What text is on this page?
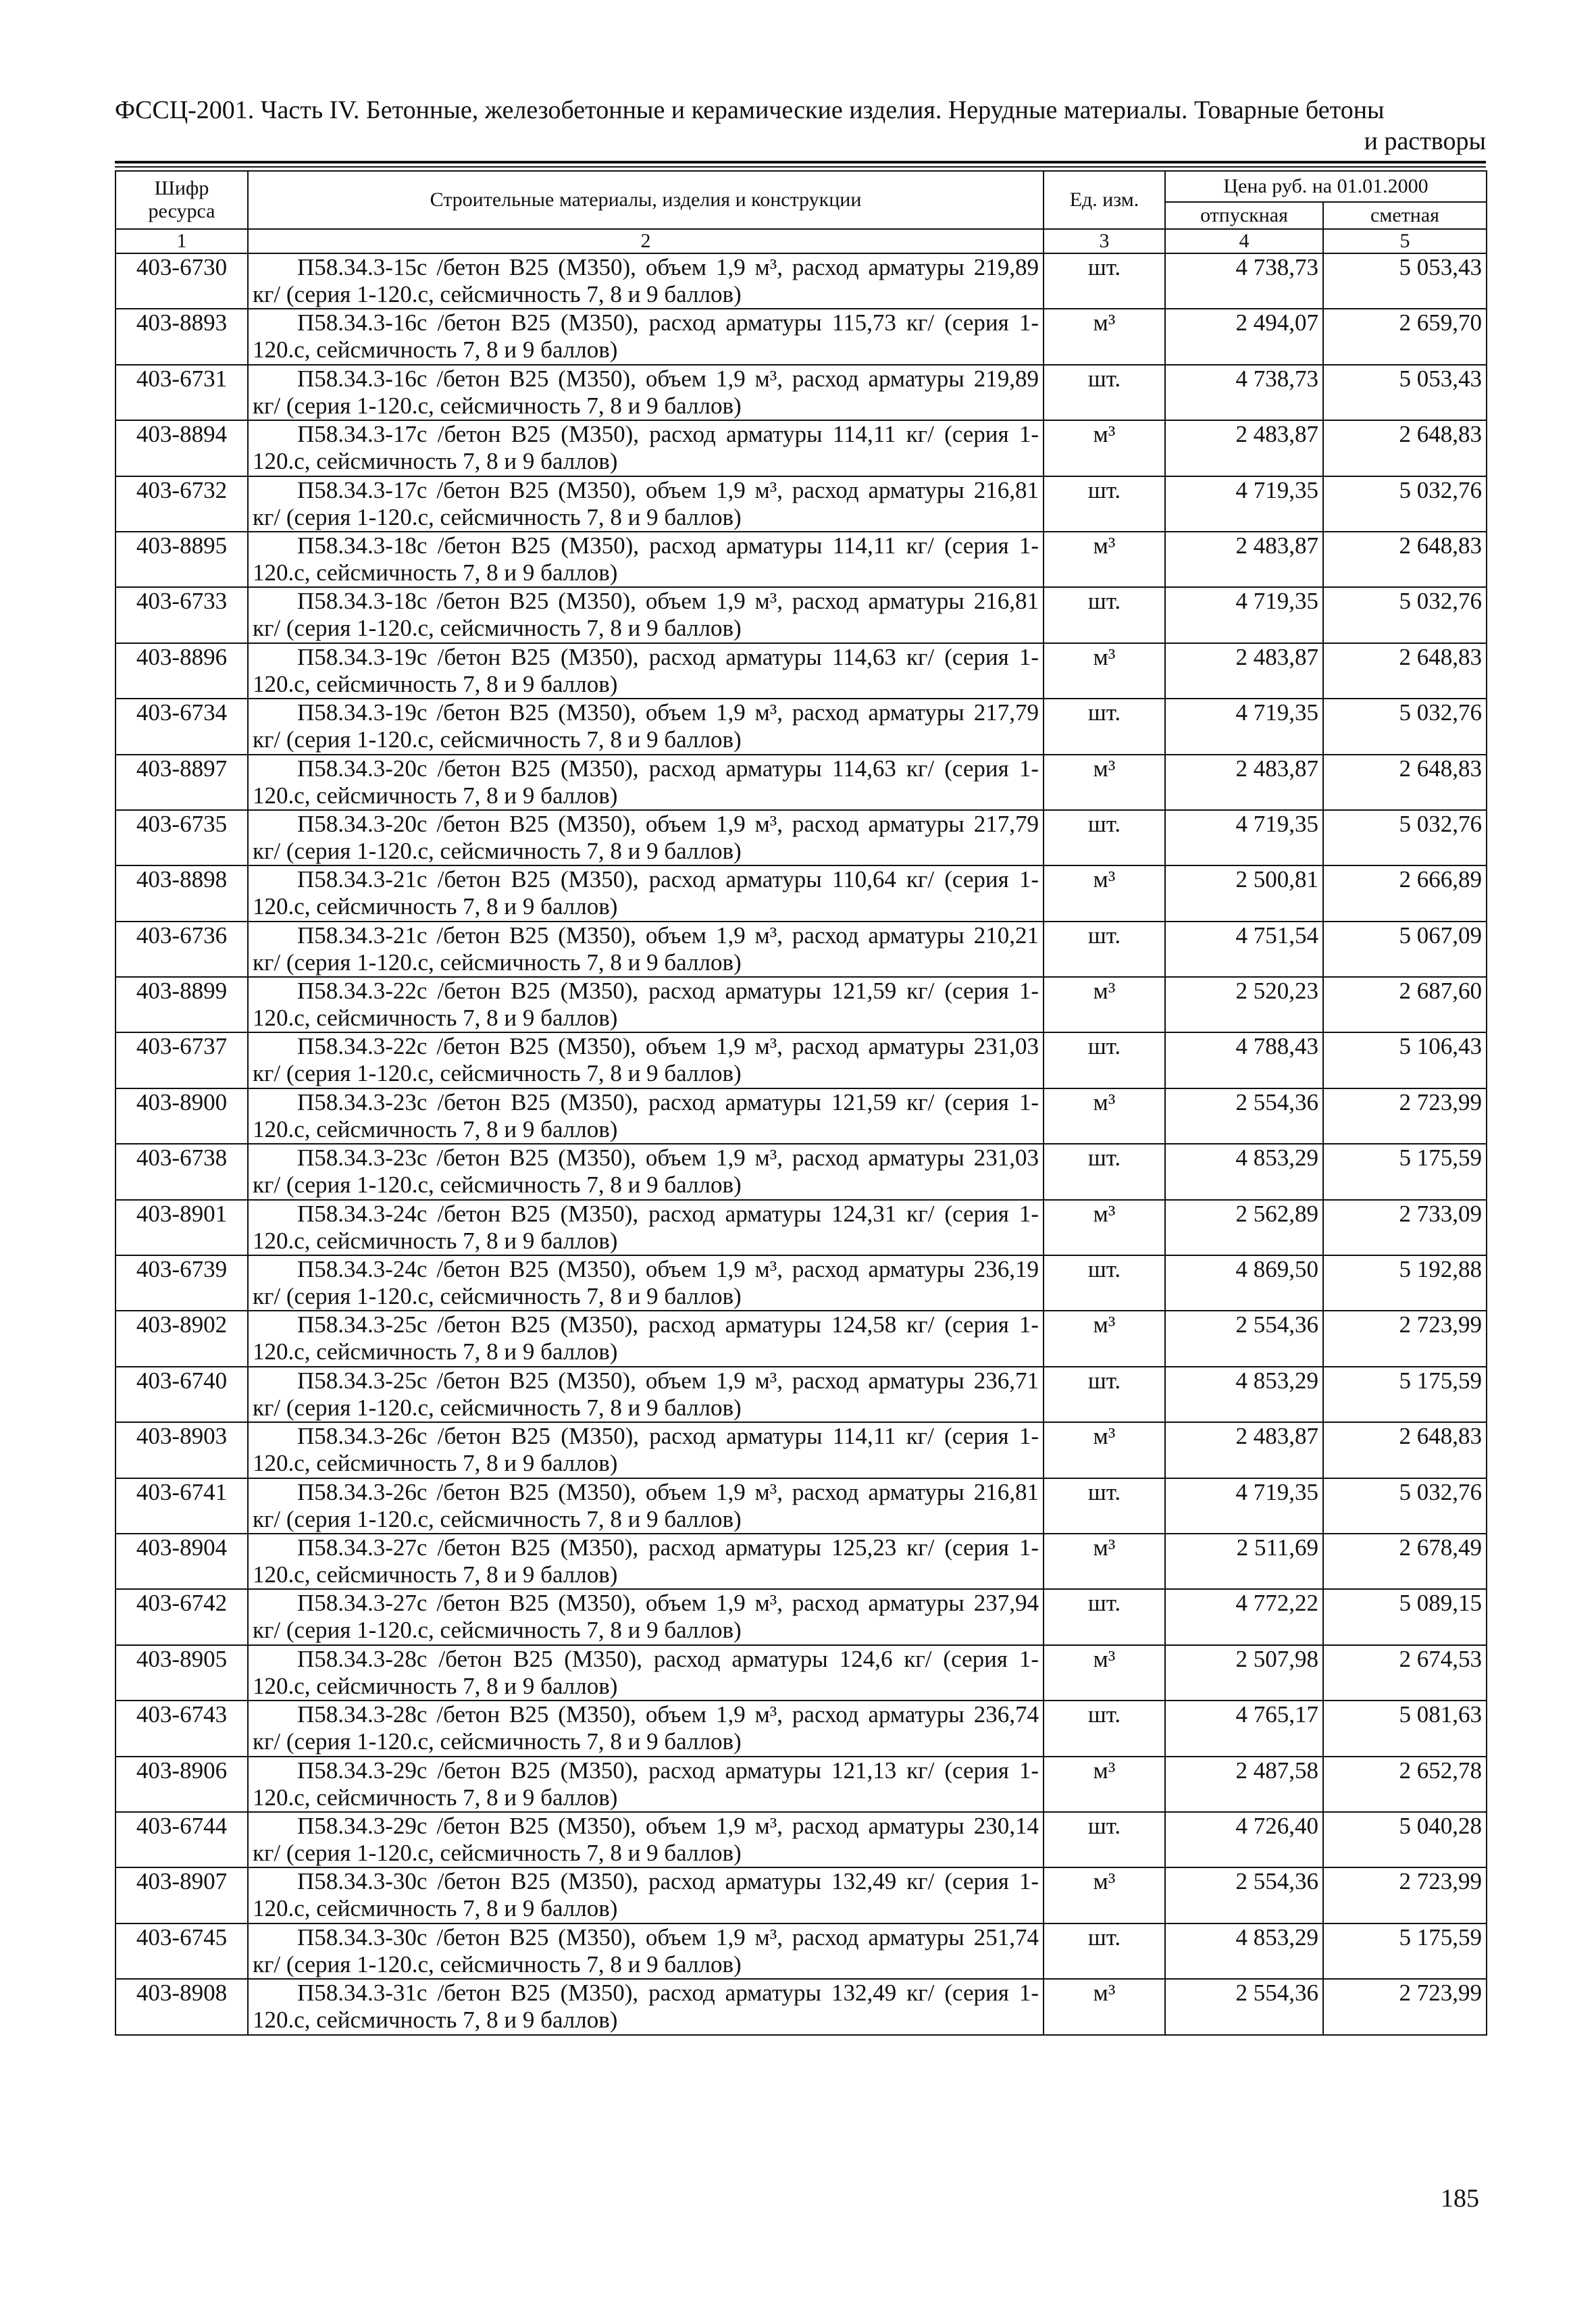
ФССЦ-2001. Часть IV. Бетонные, железобетонные и керамические изделия. Нерудные материалы. Товарные бетоны
и растворы
Шифр ресурса	Строительные материалы, изделия и конструкции	Ед. изм.	Цена руб. на 01.01.2000	
			отпускная	сметная
1	2	3	4	5
403-6730	П58.34.3-15с /бетон В25 (М350), объем 1,9 м³, расход арматуры 219,89 кг/ (серия 1-120.с, сейсмичность 7, 8 и 9 баллов)	шт.	4 738,73	5 053,43
403-8893	П58.34.3-16с /бетон В25 (М350), расход арматуры 115,73 кг/ (серия 1-120.с, сейсмичность 7, 8 и 9 баллов)	м³	2 494,07	2 659,70
403-6731	П58.34.3-16с /бетон В25 (М350), объем 1,9 м³, расход арматуры 219,89 кг/ (серия 1-120.с, сейсмичность 7, 8 и 9 баллов)	шт.	4 738,73	5 053,43
403-8894	П58.34.3-17с /бетон В25 (М350), расход арматуры 114,11 кг/ (серия 1-120.с, сейсмичность 7, 8 и 9 баллов)	м³	2 483,87	2 648,83
403-6732	П58.34.3-17с /бетон В25 (М350), объем 1,9 м³, расход арматуры 216,81 кг/ (серия 1-120.с, сейсмичность 7, 8 и 9 баллов)	шт.	4 719,35	5 032,76
403-8895	П58.34.3-18с /бетон В25 (М350), расход арматуры 114,11 кг/ (серия 1-120.с, сейсмичность 7, 8 и 9 баллов)	м³	2 483,87	2 648,83
403-6733	П58.34.3-18с /бетон В25 (М350), объем 1,9 м³, расход арматуры 216,81 кг/ (серия 1-120.с, сейсмичность 7, 8 и 9 баллов)	шт.	4 719,35	5 032,76
403-8896	П58.34.3-19с /бетон В25 (М350), расход арматуры 114,63 кг/ (серия 1-120.с, сейсмичность 7, 8 и 9 баллов)	м³	2 483,87	2 648,83
403-6734	П58.34.3-19с /бетон В25 (М350), объем 1,9 м³, расход арматуры 217,79 кг/ (серия 1-120.с, сейсмичность 7, 8 и 9 баллов)	шт.	4 719,35	5 032,76
403-8897	П58.34.3-20с /бетон В25 (М350), расход арматуры 114,63 кг/ (серия 1-120.с, сейсмичность 7, 8 и 9 баллов)	м³	2 483,87	2 648,83
403-6735	П58.34.3-20с /бетон В25 (М350), объем 1,9 м³, расход арматуры 217,79 кг/ (серия 1-120.с, сейсмичность 7, 8 и 9 баллов)	шт.	4 719,35	5 032,76
403-8898	П58.34.3-21с /бетон В25 (М350), расход арматуры 110,64 кг/ (серия 1-120.с, сейсмичность 7, 8 и 9 баллов)	м³	2 500,81	2 666,89
403-6736	П58.34.3-21с /бетон В25 (М350), объем 1,9 м³, расход арматуры 210,21 кг/ (серия 1-120.с, сейсмичность 7, 8 и 9 баллов)	шт.	4 751,54	5 067,09
403-8899	П58.34.3-22с /бетон В25 (М350), расход арматуры 121,59 кг/ (серия 1-120.с, сейсмичность 7, 8 и 9 баллов)	м³	2 520,23	2 687,60
403-6737	П58.34.3-22с /бетон В25 (М350), объем 1,9 м³, расход арматуры 231,03 кг/ (серия 1-120.с, сейсмичность 7, 8 и 9 баллов)	шт.	4 788,43	5 106,43
403-8900	П58.34.3-23с /бетон В25 (М350), расход арматуры 121,59 кг/ (серия 1-120.с, сейсмичность 7, 8 и 9 баллов)	м³	2 554,36	2 723,99
403-6738	П58.34.3-23с /бетон В25 (М350), объем 1,9 м³, расход арматуры 231,03 кг/ (серия 1-120.с, сейсмичность 7, 8 и 9 баллов)	шт.	4 853,29	5 175,59
403-8901	П58.34.3-24с /бетон В25 (М350), расход арматуры 124,31 кг/ (серия 1-120.с, сейсмичность 7, 8 и 9 баллов)	м³	2 562,89	2 733,09
403-6739	П58.34.3-24с /бетон В25 (М350), объем 1,9 м³, расход арматуры 236,19 кг/ (серия 1-120.с, сейсмичность 7, 8 и 9 баллов)	шт.	4 869,50	5 192,88
403-8902	П58.34.3-25с /бетон В25 (М350), расход арматуры 124,58 кг/ (серия 1-120.с, сейсмичность 7, 8 и 9 баллов)	м³	2 554,36	2 723,99
403-6740	П58.34.3-25с /бетон В25 (М350), объем 1,9 м³, расход арматуры 236,71 кг/ (серия 1-120.с, сейсмичность 7, 8 и 9 баллов)	шт.	4 853,29	5 175,59
403-8903	П58.34.3-26с /бетон В25 (М350), расход арматуры 114,11 кг/ (серия 1-120.с, сейсмичность 7, 8 и 9 баллов)	м³	2 483,87	2 648,83
403-6741	П58.34.3-26с /бетон В25 (М350), объем 1,9 м³, расход арматуры 216,81 кг/ (серия 1-120.с, сейсмичность 7, 8 и 9 баллов)	шт.	4 719,35	5 032,76
403-8904	П58.34.3-27с /бетон В25 (М350), расход арматуры 125,23 кг/ (серия 1-120.с, сейсмичность 7, 8 и 9 баллов)	м³	2 511,69	2 678,49
403-6742	П58.34.3-27с /бетон В25 (М350), объем 1,9 м³, расход арматуры 237,94 кг/ (серия 1-120.с, сейсмичность 7, 8 и 9 баллов)	шт.	4 772,22	5 089,15
403-8905	П58.34.3-28с /бетон В25 (М350), расход арматуры 124,6 кг/ (серия 1-120.с, сейсмичность 7, 8 и 9 баллов)	м³	2 507,98	2 674,53
403-6743	П58.34.3-28с /бетон В25 (М350), объем 1,9 м³, расход арматуры 236,74 кг/ (серия 1-120.с, сейсмичность 7, 8 и 9 баллов)	шт.	4 765,17	5 081,63
403-8906	П58.34.3-29с /бетон В25 (М350), расход арматуры 121,13 кг/ (серия 1-120.с, сейсмичность 7, 8 и 9 баллов)	м³	2 487,58	2 652,78
403-6744	П58.34.3-29с /бетон В25 (М350), объем 1,9 м³, расход арматуры 230,14 кг/ (серия 1-120.с, сейсмичность 7, 8 и 9 баллов)	шт.	4 726,40	5 040,28
403-8907	П58.34.3-30с /бетон В25 (М350), расход арматуры 132,49 кг/ (серия 1-120.с, сейсмичность 7, 8 и 9 баллов)	м³	2 554,36	2 723,99
403-6745	П58.34.3-30с /бетон В25 (М350), объем 1,9 м³, расход арматуры 251,74 кг/ (серия 1-120.с, сейсмичность 7, 8 и 9 баллов)	шт.	4 853,29	5 175,59
403-8908	П58.34.3-31с /бетон В25 (М350), расход арматуры 132,49 кг/ (серия 1-120.с, сейсмичность 7, 8 и 9 баллов)	м³	2 554,36	2 723,99
185
